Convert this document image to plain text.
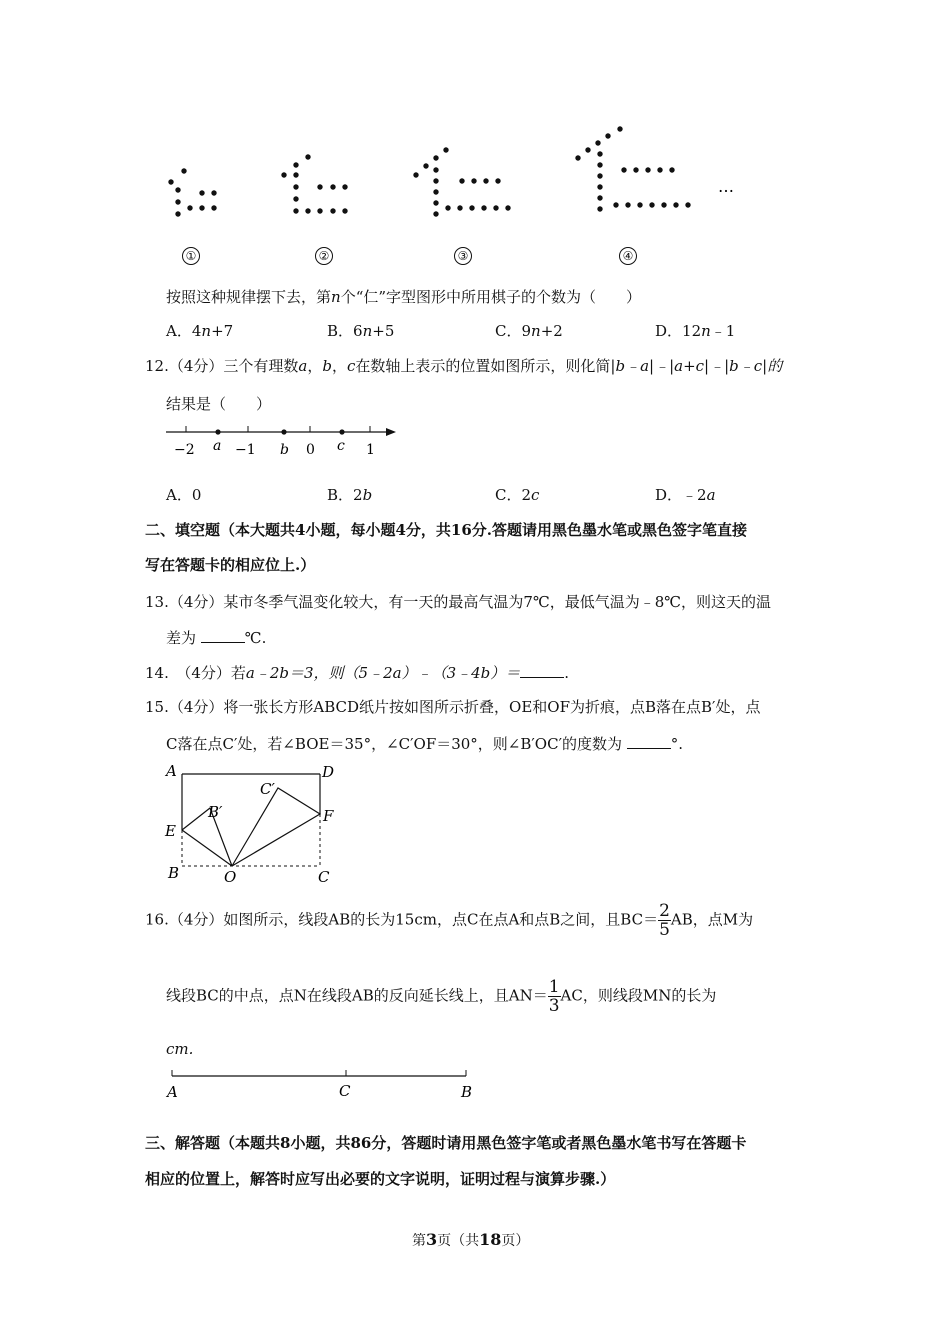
…
①	②	③	④
按照这种规律摆下去，第n个“仁”字型图形中所用棋子的个数为（　　）
A．4n+7	B．6n+5	C．9n+2	D．12n﹣1
12.（4分）三个有理数a，b，c在数轴上表示的位置如图所示，则化简|b﹣a|﹣|a+c|﹣|b﹣c|的
结果是（　　）
−2 a −1 b 0 c 1
A．0	B．2b	C．2c	D．﹣2a
二、填空题（本大题共4小题，每小题4分，共16分.答题请用黑色墨水笔或黑色签字笔直接
写在答题卡的相应位上.）
13.（4分）某市冬季气温变化较大，有一天的最高气温为7℃，最低气温为﹣8℃，则这天的温
差为	℃.
14.　（4分）若a﹣2b＝3，则（5﹣2a）﹣（3﹣4b）＝	.
15.（4分）将一张长方形ABCD纸片按如图所示折叠，OE和OF为折痕，点B落在点B′处，点
C落在点C′处，若∠BOE＝35°，∠C′OF＝30°，则∠B′OC′的度数为	°.
A	D
C′
B′
E
F
B	O	C
16.（4分）如图所示，线段AB的长为15cm，点C在点A和点B之间，且$BC= \frac{2}{5}$ AB，点M为
线段BC的中点，点N在线段AB的反向延长线上，且$AN= \frac{1}{3}$ AC，则线段MN的长为
cm.
A	C	B
三、解答题（本题共8小题，共86分，答题时请用黑色签字笔或者黑色墨水笔书写在答题卡
相应的位置上，解答时应写出必要的文字说明，证明过程与演算步骤.）
第3页（共18页）
